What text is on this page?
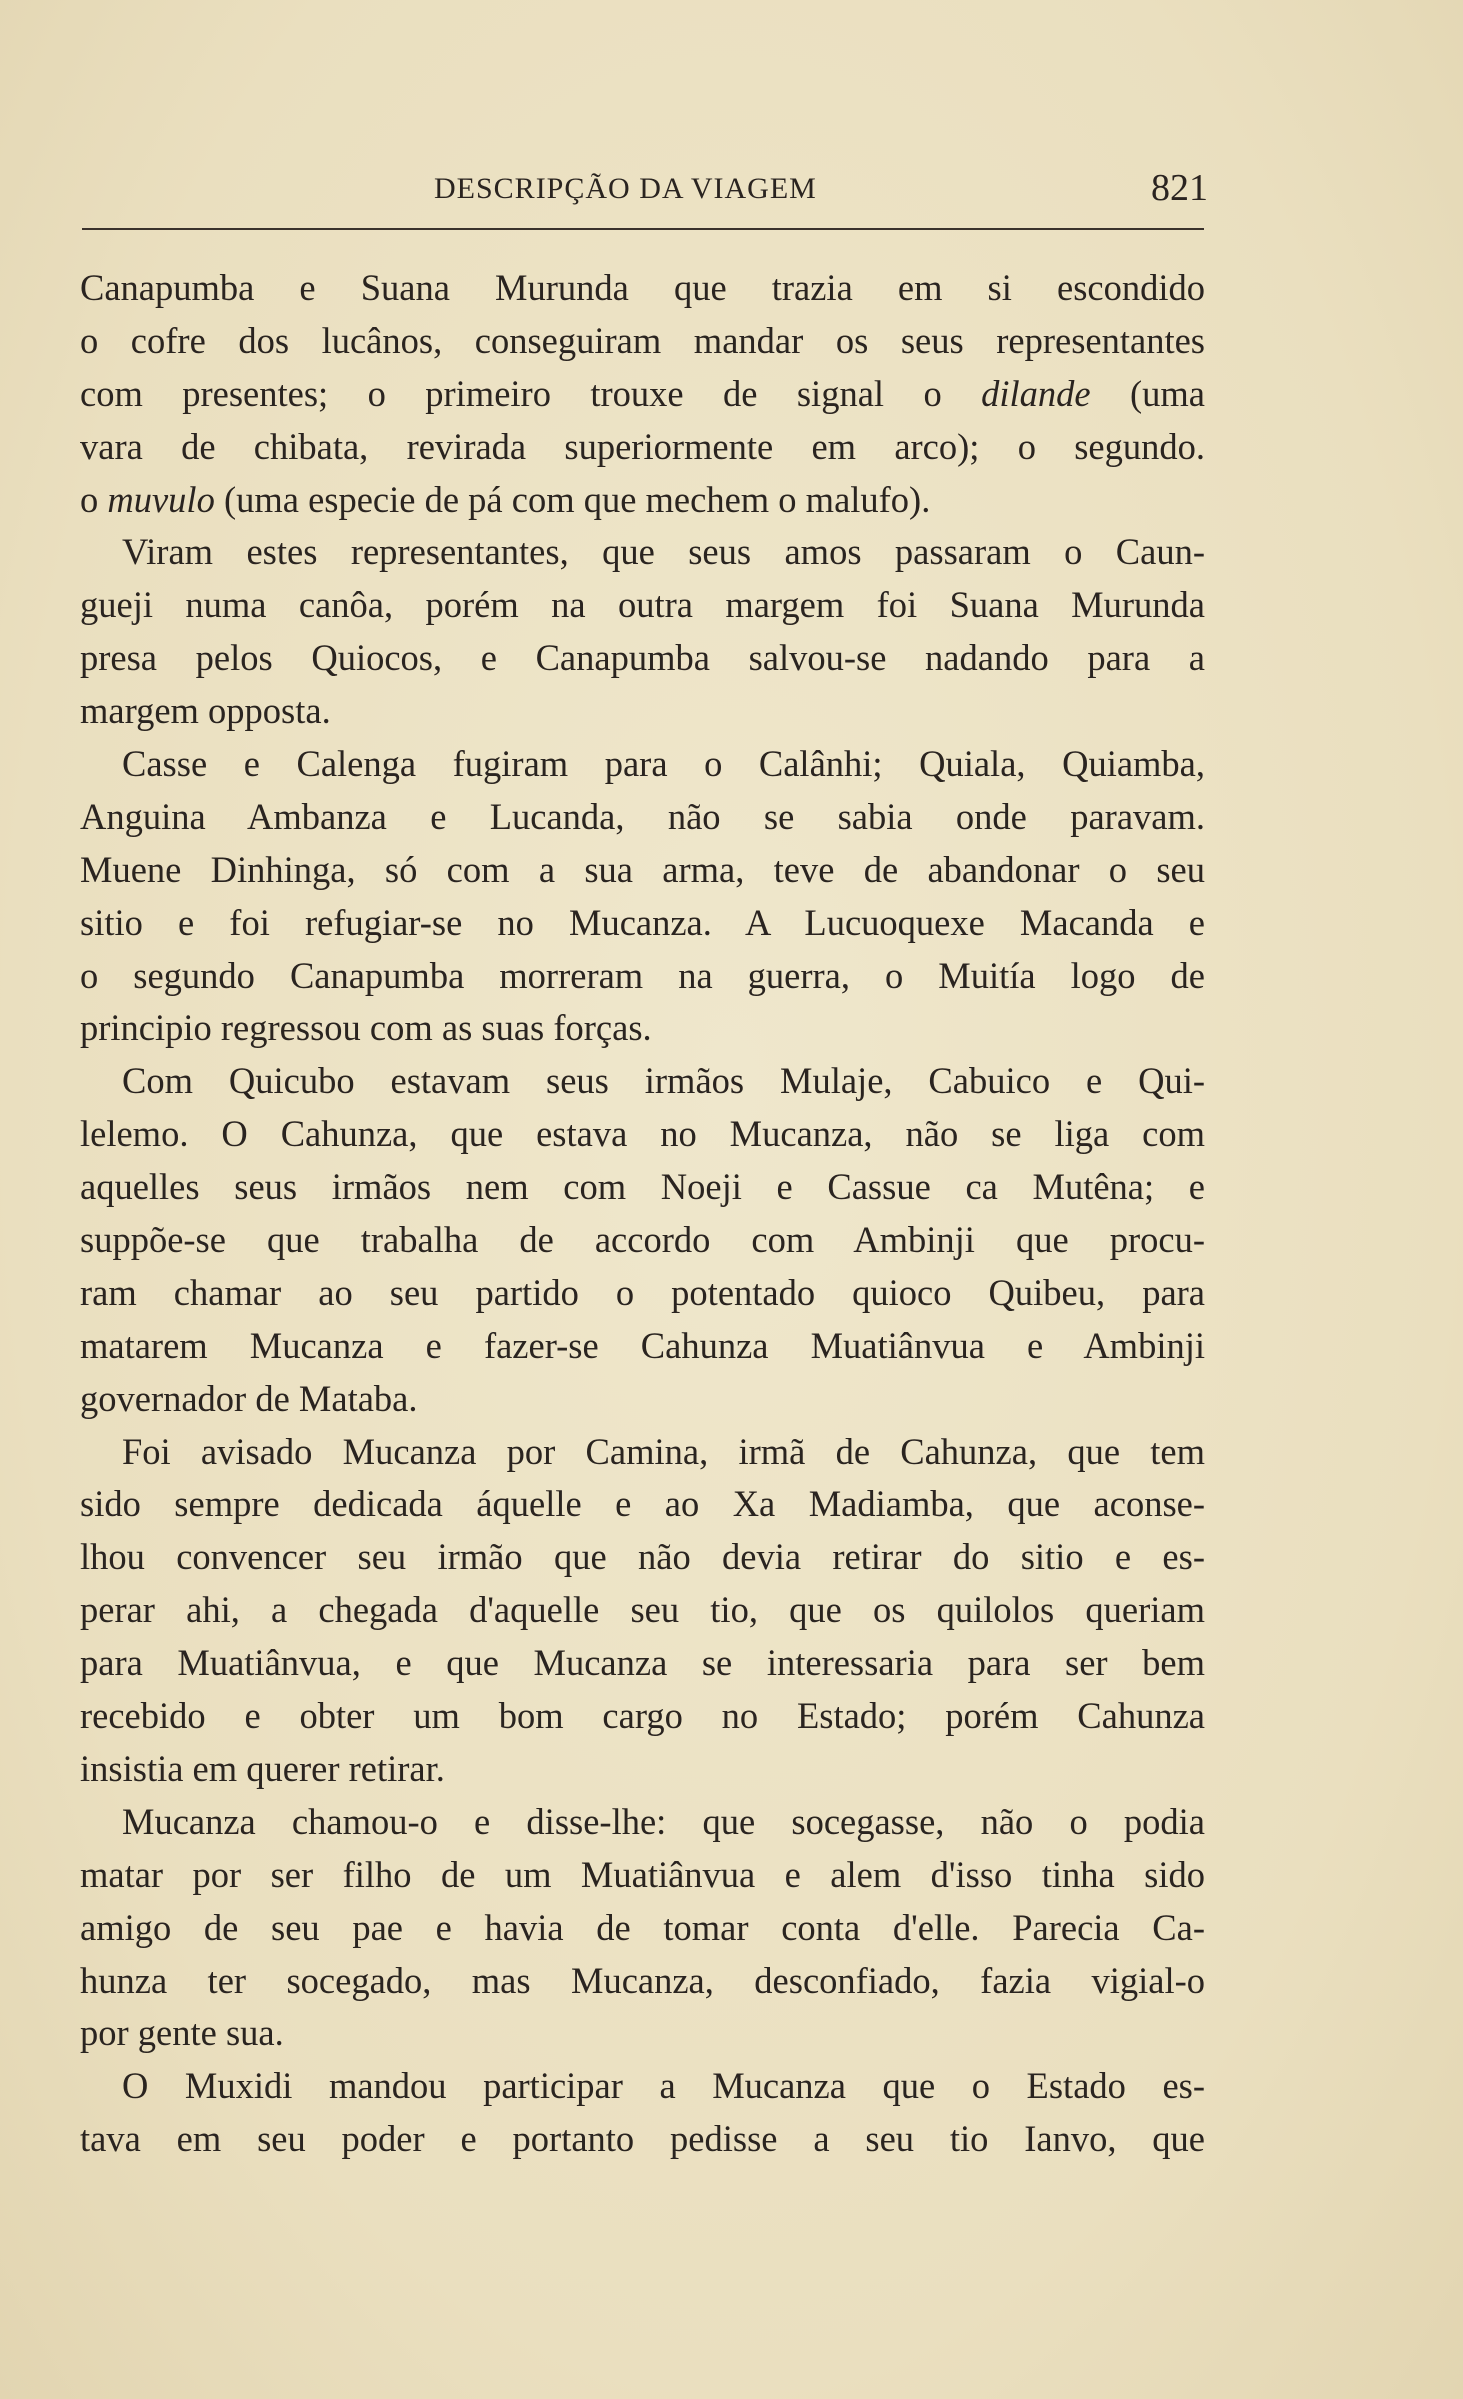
DESCRIPÇÃO DA VIAGEM	821
Canapumba e Suana Murunda que trazia em si escondido
o cofre dos lucânos, conseguiram mandar os seus representantes
com presentes; o primeiro trouxe de signal o dilande (uma
vara de chibata, revirada superiormente em arco); o segundo.
o muvulo (uma especie de pá com que mechem o malufo).
Viram estes representantes, que seus amos passaram o Caun-
gueji numa canôa, porém na outra margem foi Suana Murunda
presa pelos Quiocos, e Canapumba salvou-se nadando para a
margem opposta.
Casse e Calenga fugiram para o Calânhi; Quiala, Quiamba,
Anguina Ambanza e Lucanda, não se sabia onde paravam.
Muene Dinhinga, só com a sua arma, teve de abandonar o seu
sitio e foi refugiar-se no Mucanza. A Lucuoquexe Macanda e
o segundo Canapumba morreram na guerra, o Muitía logo de
principio regressou com as suas forças.
Com Quicubo estavam seus irmãos Mulaje, Cabuico e Qui-
lelemo. O Cahunza, que estava no Mucanza, não se liga com
aquelles seus irmãos nem com Noeji e Cassue ca Mutêna; e
suppõe-se que trabalha de accordo com Ambinji que procu-
ram chamar ao seu partido o potentado quioco Quibeu, para
matarem Mucanza e fazer-se Cahunza Muatiânvua e Ambinji
governador de Mataba.
Foi avisado Mucanza por Camina, irmã de Cahunza, que tem
sido sempre dedicada áquelle e ao Xa Madiamba, que aconse-
lhou convencer seu irmão que não devia retirar do sitio e es-
perar ahi, a chegada d'aquelle seu tio, que os quilolos queriam
para Muatiânvua, e que Mucanza se interessaria para ser bem
recebido e obter um bom cargo no Estado; porém Cahunza
insistia em querer retirar.
Mucanza chamou-o e disse-lhe: que socegasse, não o podia
matar por ser filho de um Muatiânvua e alem d'isso tinha sido
amigo de seu pae e havia de tomar conta d'elle. Parecia Ca-
hunza ter socegado, mas Mucanza, desconfiado, fazia vigial-o
por gente sua.
O Muxidi mandou participar a Mucanza que o Estado es-
tava em seu poder e portanto pedisse a seu tio Ianvo, que
